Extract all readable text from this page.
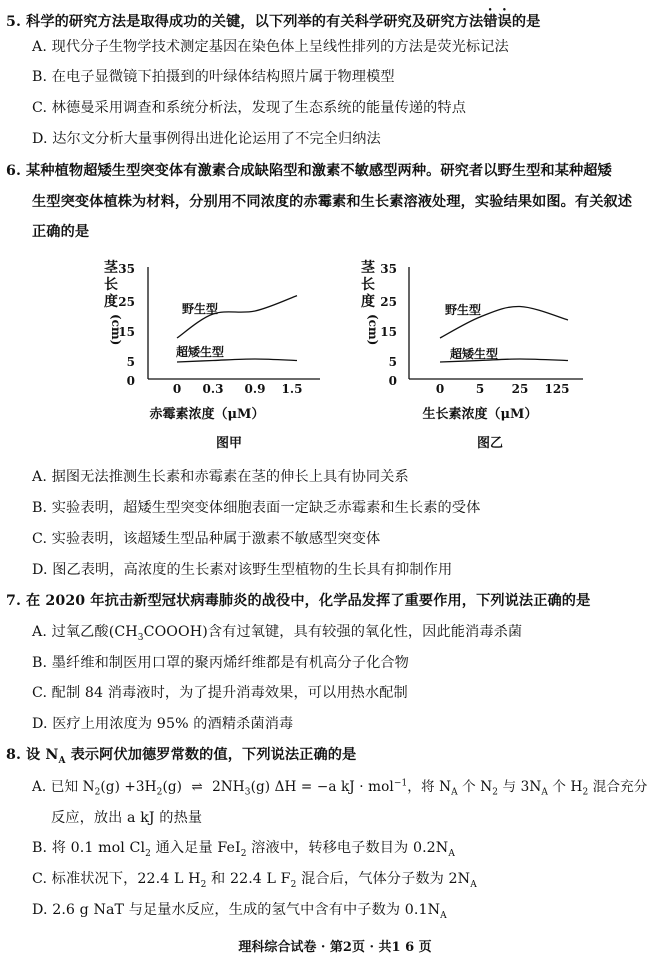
5. 科学的研究方法是取得成功的关键，以下列举的有关科学研究及研究方法错误的是
A. 现代分子生物学技术测定基因在染色体上呈线性排列的方法是荧光标记法
B. 在电子显微镜下拍摄到的叶绿体结构照片属于物理模型
C. 林德曼采用调查和系统分析法，发现了生态系统的能量传递的特点
D. 达尔文分析大量事例得出进化论运用了不完全归纳法
6. 某种植物超矮生型突变体有激素合成缺陷型和激素不敏感型两种。研究者以野生型和某种超矮
生型突变体植株为材料，分别用不同浓度的赤霉素和生长素溶液处理，实验结果如图。有关叙述
正确的是
茎
长
度
(cm)
35
25
15
5
0
0 0.3 0.9 1.5
野生型
超矮生型
赤霉素浓度（μM）
图甲
茎
长
度
(cm)
35
25
15
5
0
0	5 25 125
野生型
超矮生型
生长素浓度（μM）
图乙
A. 据图无法推测生长素和赤霉素在茎的伸长上具有协同关系
B. 实验表明，超矮生型突变体细胞表面一定缺乏赤霉素和生长素的受体
C. 实验表明，该超矮生型品种属于激素不敏感型突变体
D. 图乙表明，高浓度的生长素对该野生型植物的生长具有抑制作用
7. 在 2020 年抗击新型冠状病毒肺炎的战役中，化学品发挥了重要作用，下列说法正确的是
A. 过氧乙酸$(CH_3COOOH)$含有过氧键，具有较强的氧化性，因此能消毒杀菌
B. 墨纤维和制医用口罩的聚丙烯纤维都是有机高分子化合物
C. 配制 84 消毒液时，为了提升消毒效果，可以用热水配制
D. 医疗上用浓度为 95% 的酒精杀菌消毒
8. 设 $N_A$ 表示阿伏加德罗常数的值，下列说法正确的是
A. 已知 $N_2(g) +3H_2(g)$ ⇌ $2NH_3(g) \Delta H = -a$ kJ · mol$^{-1}$，将 $N_A$ 个 $N_2$ 与 $3N_A$ 个 $H_2$ 混合充分
反应，放出 a kJ 的热量
B. 将 0.1 mol $Cl_2$ 通入足量 FeI$_2$ 溶液中，转移电子数目为 $0.2N_A$
C. 标准状况下，22.4 L $H_2$ 和 22.4 L $F_2$ 混合后，气体分子数为 $2N_A$
D. 2.6 g NaT 与足量水反应，生成的氢气中含有中子数为 $0.1N_A$
理科综合试卷 · 第2页 · 共1 6 页
